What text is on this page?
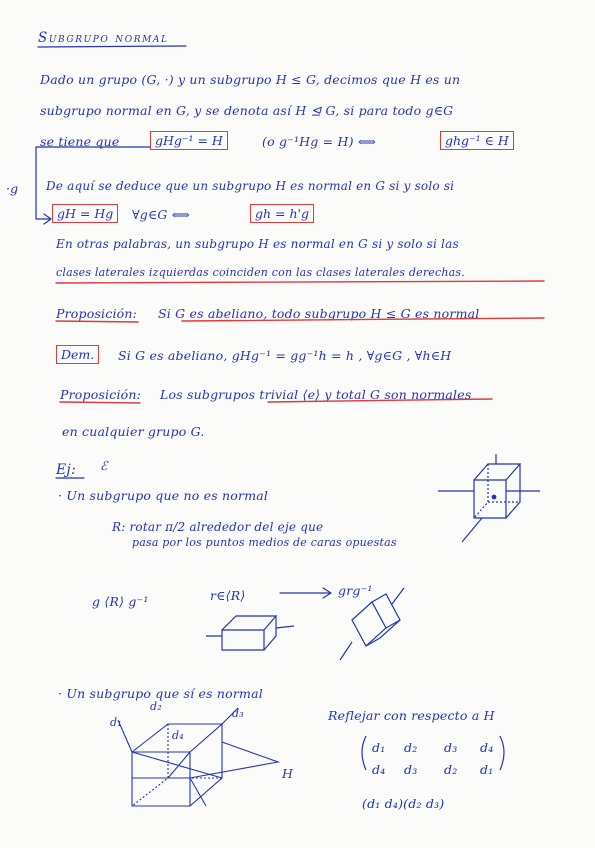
Subgrupo normal
Dado un grupo (G, ·) y un subgrupo H ≤ G, decimos que H es un
subgrupo normal en G, y se denota así H ⊴ G, si para todo g∈G
se tiene que	gHg⁻¹ = H	(o g⁻¹Hg = H) ⟺	ghg⁻¹ ∈ H
·g De aquí se deduce que un subgrupo H es normal en G si y solo si
gH = Hg	∀g∈G ⟺	gh = h'g
En otras palabras, un subgrupo H es normal en G si y solo si las
clases laterales izquierdas coinciden con las clases laterales derechas.
Proposición: Si G es abeliano, todo subgrupo H ≤ G es normal
Dem.	Si G es abeliano, gHg⁻¹ = gg⁻¹h = h , ∀g∈G , ∀h∈H
Proposición: Los subgrupos trivial ⟨e⟩ y total G son normales
en cualquier grupo G.
Ej: ℰ
· Un subgrupo que no es normal
R: rotar π/2 alrededor del eje que
pasa por los puntos medios de caras opuestas
g ⟨R⟩ g⁻¹	r∈⟨R⟩	grg⁻¹
· Un subgrupo que sí es normal
d₁
d₂
d₃
d₄
H
Reflejar con respecto a H
d₁ d₂ d₃ d₄
d₄ d₃ d₂ d₁
(d₁ d₄)(d₂ d₃)
